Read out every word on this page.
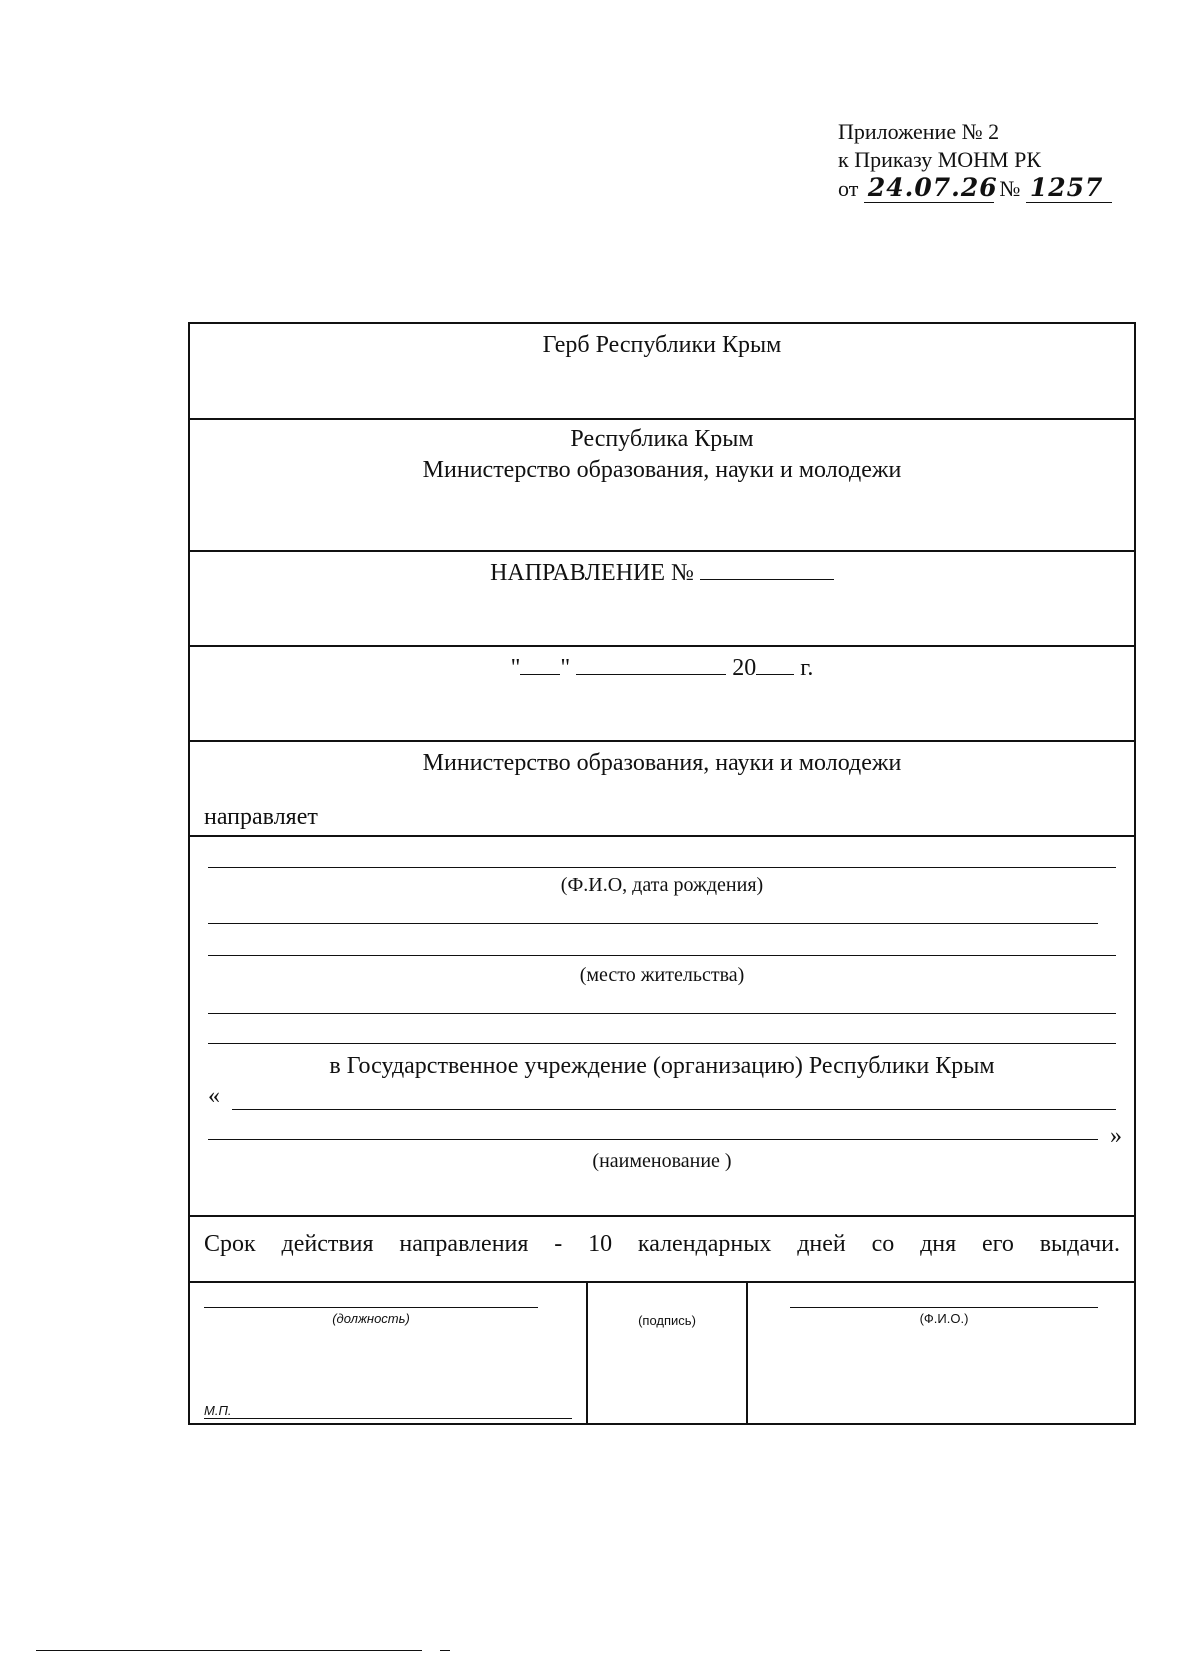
Приложение № 2
к Приказу МОНМ РК
от 24.07.26 № 1257
Герб Республики Крым
Республика Крым
Министерство образования, науки и молодежи
НАПРАВЛЕНИЕ №
" "	20 г.
Министерство образования, науки и молодежи
направляет
(Ф.И.О, дата рождения)
(место жительства)
в Государственное учреждение (организацию) Республики Крым
«
»
(наименование )
Срок действия направления - 10 календарных дней со дня его выдачи.
(должность)
М.П.
(подпись)	(Ф.И.О.)
